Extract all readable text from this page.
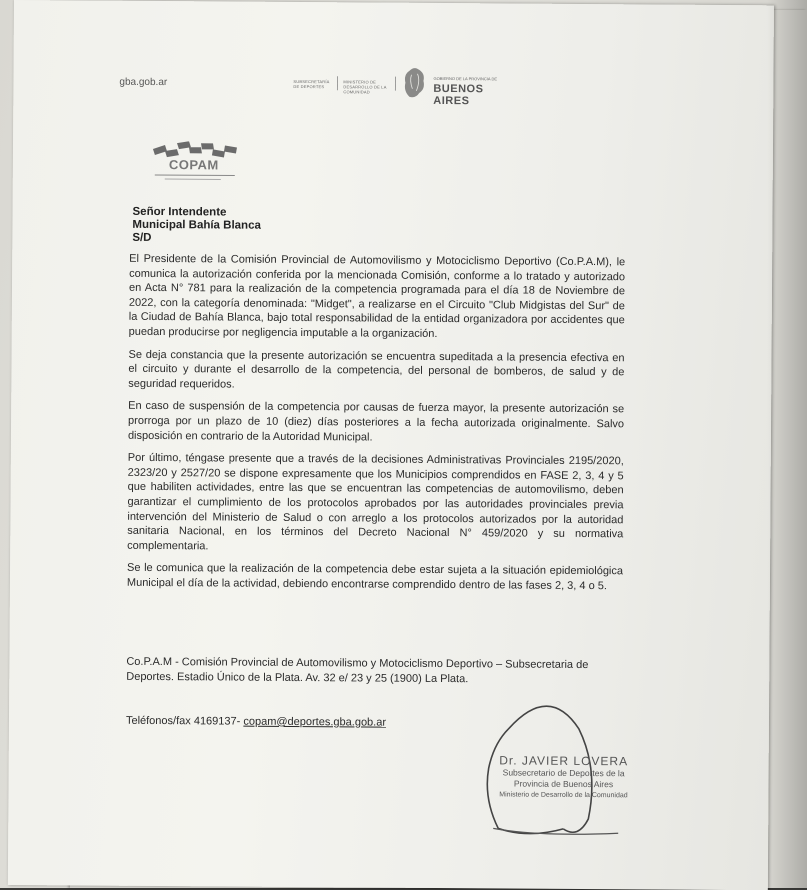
gba.gob.ar	SUBSECRETARÍA DE DEPORTES
MINISTERIO DE DESARROLLO DE LA COMUNIDAD
GOBIERNO DE LA PROVINCIA DE
BUENOS AIRES
COPAM
Señor Intendente
Municipal Bahía Blanca
S/D

El Presidente de la Comisión Provincial de Automovilismo y Motociclismo Deportivo (Co.P.A.M), le comunica la autorización conferida por la mencionada Comisión, conforme a lo tratado y autorizado en Acta N° 781 para la realización de la competencia programada para el día 18 de Noviembre de 2022, con la categoría denominada: "Midget", a realizarse en el Circuito "Club Midgistas del Sur" de la Ciudad de Bahía Blanca, bajo total responsabilidad de la entidad organizadora por accidentes que puedan producirse por negligencia imputable a la organización.

Se deja constancia que la presente autorización se encuentra supeditada a la presencia efectiva en el circuito y durante el desarrollo de la competencia, del personal de bomberos, de salud y de seguridad requeridos.

En caso de suspensión de la competencia por causas de fuerza mayor, la presente autorización se prorroga por un plazo de 10 (diez) días posteriores a la fecha autorizada originalmente. Salvo disposición en contrario de la Autoridad Municipal.

Por último, téngase presente que a través de la decisiones Administrativas Provinciales 2195/2020, 2323/20 y 2527/20 se dispone expresamente que los Municipios comprendidos en FASE 2, 3, 4 y 5 que habiliten actividades, entre las que se encuentran las competencias de automovilismo, deben garantizar el cumplimiento de los protocolos aprobados por las autoridades provinciales previa intervención del Ministerio de Salud o con arreglo a los protocolos autorizados por la autoridad sanitaria Nacional, en los términos del Decreto Nacional N° 459/2020 y su normativa complementaria.

Se le comunica que la realización de la competencia debe estar sujeta a la situación epidemiológica Municipal el día de la actividad, debiendo encontrarse comprendido dentro de las fases 2, 3, 4 o 5.

Co.P.A.M - Comisión Provincial de Automovilismo y Motociclismo Deportivo – Subsecretaria de

Deportes. Estadio Único de la Plata. Av. 32 e/ 23 y 25 (1900) La Plata.

Teléfonos/fax 4169137- copam@deportes.gba.gob.ar
Dr. JAVIER LOVERA
Subsecretario de Deportes de la
Provincia de Buenos Aires
Ministerio de Desarrollo de la Comunidad
